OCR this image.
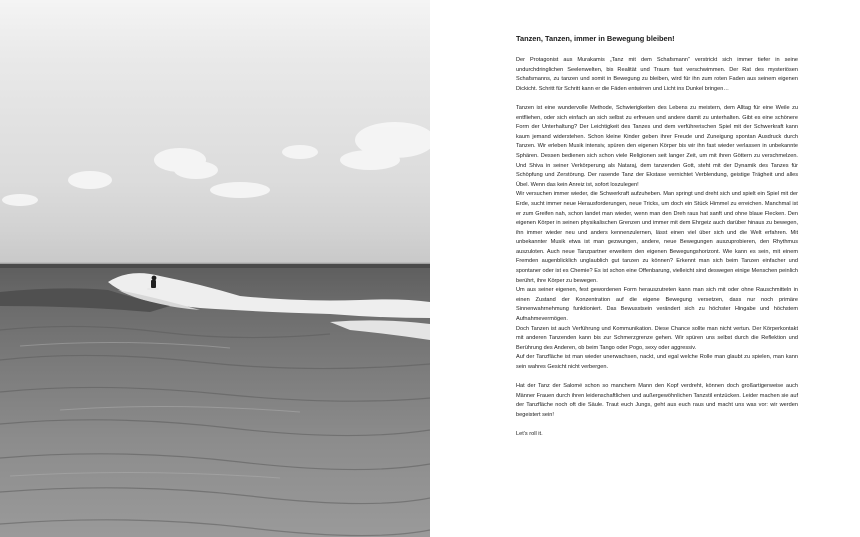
Tanzen, Tanzen, immer in Bewegung bleiben!

Der Protagonist aus Murakamis „Tanz mit dem Schafsmann“ verstrickt sich immer tiefer in seine undurchdringlichen Seelenwelten, bis Realität und Traum fast verschwimmen. Der Rat des mysteriösen Schafsmanns, zu tanzen und somit in Bewegung zu bleiben, wird für ihn zum roten Faden aus seinem eigenen Dickicht. Schritt für Schritt kann er die Fäden entwirren und Licht ins Dunkel bringen…

Tanzen ist eine wundervolle Methode, Schwierigkeiten des Lebens zu meistern, dem Alltag für eine Weile zu entfliehen, oder sich einfach an sich selbst zu erfreuen und andere damit zu unterhalten. Gibt es eine schönere Form der Unterhaltung? Der Leichtigkeit des Tanzes und dem verführerischen Spiel mit der Schwerkraft kann kaum jemand widerstehen. Schon kleine Kinder geben ihrer Freude und Zuneigung spontan Ausdruck durch Tanzen. Wir erleben Musik intensiv, spüren den eigenen Körper bis wir ihn fast wieder verlassen in unbekannte Sphären. Dessen bedienen sich schon viele Religionen seit langer Zeit, um mit ihren Göttern zu verschmelzen. Und Shiva in seiner Verkörperung als Nataraj, dem tanzenden Gott, steht mit der Dynamik des Tanzes für Schöpfung und Zerstörung. Der rasende Tanz der Ekstase vernichtet Verblendung, geistige Trägheit und alles Übel. Wenn das kein Anreiz ist, sofort loszulegen!

Wir versuchen immer wieder, die Schwerkraft aufzuheben. Man springt und dreht sich und spielt ein Spiel mit der Erde, sucht immer neue Herausforderungen, neue Tricks, um doch ein Stück Himmel zu erreichen. Manchmal ist er zum Greifen nah, schon landet man wieder, wenn man den Dreh raus hat sanft und ohne blaue Flecken. Den eigenen Körper in seinen physikalischen Grenzen und immer mit dem Ehrgeiz auch darüber hinaus zu bewegen, ihn immer wieder neu und anders kennenzulernen, lässt einen viel über sich und die Welt erfahren. Mit unbekannter Musik etwa ist man gezwungen, andere, neue Bewegungen auszuprobieren, den Rhythmus auszuloten. Auch neue Tanzpartner erweitern den eigenen Bewegungshorizont. Wie kann es sein, mit einem Fremden augenblicklich unglaublich gut tanzen zu können? Erkennt man sich beim Tanzen einfacher und spontaner oder ist es Chemie? Es ist schon eine Offenbarung, vielleicht sind deswegen einige Menschen peinlich berührt, ihre Körper zu bewegen.

Um aus seiner eigenen, fest gewordenen Form herauszutreten kann man sich mit oder ohne Rauschmitteln in einen Zustand der Konzentration auf die eigene Bewegung versetzen, dass nur noch primäre Sinnenwahrnehmung funktioniert. Das Bewusstsein verändert sich zu höchster Hingabe und höchstem Aufnahmevermögen.

Doch Tanzen ist auch Verführung und Kommunikation. Diese Chance sollte man nicht vertun. Der Körperkontakt mit anderen Tanzenden kann bis zur Schmerzgrenze gehen. Wir spüren uns selbst durch die Reflektion und Berührung des Anderen, ob beim Tango oder Pogo, sexy oder aggressiv.

Auf der Tanzfläche ist man wieder unerwachsen, nackt, und egal welche Rolle man glaubt zu spielen, man kann sein wahres Gesicht nicht verbergen.

Hat der Tanz der Salomé schon so manchem Mann den Kopf verdreht, können doch großartigerweise auch Männer Frauen durch ihren leidenschaftlichen und außergewöhnlichen Tanzstil entzücken. Leider machen sie auf der Tanzfläche noch oft die Säule. Traut euch Jungs, geht aus euch raus und macht uns was vor: wir werden begeistert sein!

Let’s roll it.
